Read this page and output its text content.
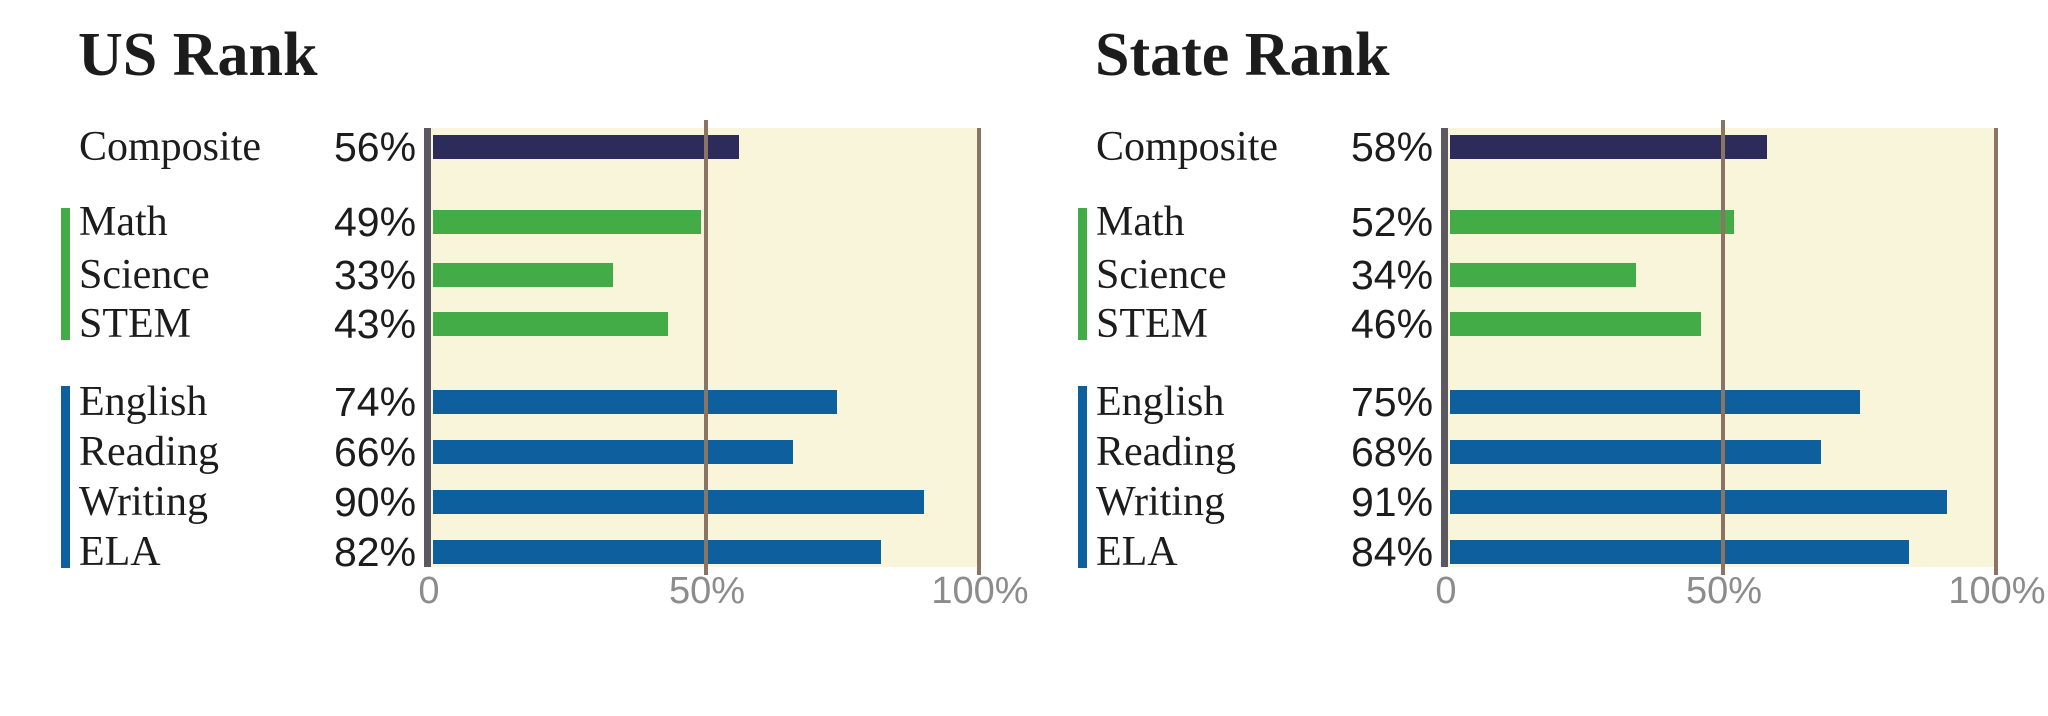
US Rank
Composite 56%
Math	49%
Science	33%
STEM	43%
English	74%
Reading	66%
Writing	90%
ELA	82%
0	50%	100%
State Rank
Composite 58%
Math	52%
Science	34%
STEM	46%
English	75%
Reading	68%
Writing	91%
ELA	84%
0	50%	100%
